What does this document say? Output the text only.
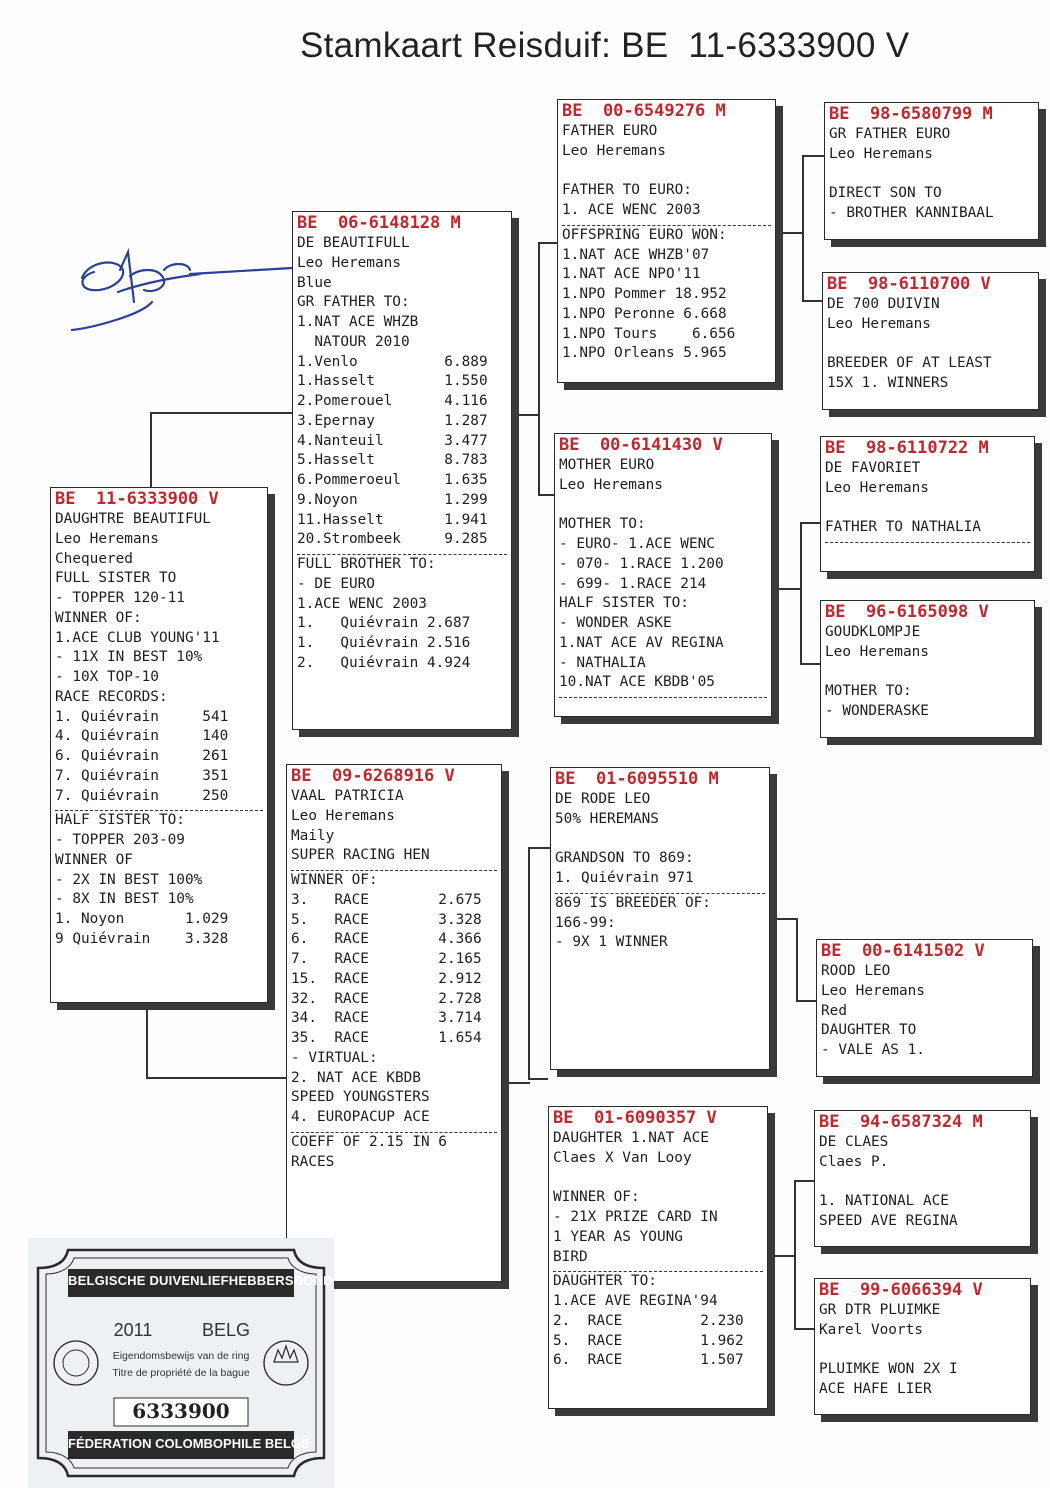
Stamkaart Reisduif: BE  11-6333900 V
BE  11-6333900 V
DAUGHTRE BEAUTIFUL
Leo Heremans
Chequered
FULL SISTER TO
- TOPPER 120-11
WINNER OF:
1.ACE CLUB YOUNG'11
- 11X IN BEST 10%
- 10X TOP-10
RACE RECORDS:
1. Quiévrain     541
4. Quiévrain     140
6. Quiévrain     261
7. Quiévrain     351
7. Quiévrain     250
HALF SISTER TO:
- TOPPER 203-09
WINNER OF
- 2X IN BEST 100%
- 8X IN BEST 10%
1. Noyon       1.029
9 Quiévrain    3.328
BE  06-6148128 M
DE BEAUTIFULL
Leo Heremans
Blue
GR FATHER TO:
1.NAT ACE WHZB
NATOUR 2010
1.Venlo          6.889
1.Hasselt        1.550
2.Pomerouel      4.116
3.Epernay        1.287
4.Nanteuil       3.477
5.Hasselt        8.783
6.Pommeroeul     1.635
9.Noyon          1.299
11.Hasselt       1.941
20.Strombeek     9.285
FULL BROTHER TO:
- DE EURO
1.ACE WENC 2003
1.   Quiévrain 2.687
1.   Quiévrain 2.516
2.   Quiévrain 4.924
BE  09-6268916 V
VAAL PATRICIA
Leo Heremans
Maily
SUPER RACING HEN
WINNER OF:
3.   RACE        2.675
5.   RACE        3.328
6.   RACE        4.366
7.   RACE        2.165
15.  RACE        2.912
32.  RACE        2.728
34.  RACE        3.714
35.  RACE        1.654
- VIRTUAL:
2. NAT ACE KBDB
SPEED YOUNGSTERS
4. EUROPACUP ACE
COEFF OF 2.15 IN 6
RACES
BE  00-6549276 M
FATHER EURO
Leo Heremans
FATHER TO EURO:
1. ACE WENC 2003
OFFSPRING EURO WON:
1.NAT ACE WHZB'07
1.NAT ACE NPO'11
1.NPO Pommer 18.952
1.NPO Peronne 6.668
1.NPO Tours    6.656
1.NPO Orleans 5.965
BE  00-6141430 V
MOTHER EURO
Leo Heremans
MOTHER TO:
- EURO- 1.ACE WENC
- 070- 1.RACE 1.200
- 699- 1.RACE 214
HALF SISTER TO:
- WONDER ASKE
1.NAT ACE AV REGINA
- NATHALIA
10.NAT ACE KBDB'05
BE  01-6095510 M
DE RODE LEO
50% HEREMANS
GRANDSON TO 869:
1. Quiévrain 971
869 IS BREEDER OF:
166-99:
- 9X 1 WINNER
BE  01-6090357 V
DAUGHTER 1.NAT ACE
Claes X Van Looy
WINNER OF:
- 21X PRIZE CARD IN
1 YEAR AS YOUNG
BIRD
DAUGHTER TO:
1.ACE AVE REGINA'94
2.  RACE         2.230
5.  RACE         1.962
6.  RACE         1.507
BE  98-6580799 M
GR FATHER EURO
Leo Heremans
DIRECT SON TO
- BROTHER KANNIBAAL
BE  98-6110700 V
DE 700 DUIVIN
Leo Heremans
BREEDER OF AT LEAST
15X 1. WINNERS
BE  98-6110722 M
DE FAVORIET
Leo Heremans
FATHER TO NATHALIA
BE  96-6165098 V
GOUDKLOMPJE
Leo Heremans
MOTHER TO:
- WONDERASKE
BE  00-6141502 V
ROOD LEO
Leo Heremans
Red
DAUGHTER TO
- VALE AS 1.
BE  94-6587324 M
DE CLAES
Claes P.
1. NATIONAL ACE
SPEED AVE REGINA
BE  99-6066394 V
GR DTR PLUIMKE
Karel Voorts
PLUIMKE WON 2X I
ACE HAFE LIER
BELGISCHE DUIVENLIEFHEBBERSBOND
2011	BELG
Eigendomsbewijs van de ring
Titre de propriété de la bague
6333900
FÉDERATION COLOMBOPHILE BELGE
